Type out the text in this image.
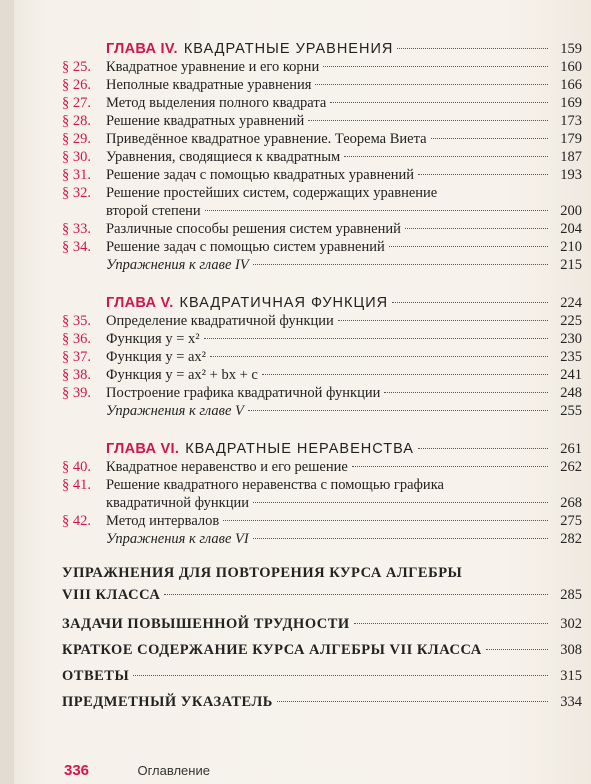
ГЛАВА IV. КВАДРАТНЫЕ УРАВНЕНИЯ	159
§ 25.	Квадратное уравнение и его корни	160
§ 26.	Неполные квадратные уравнения	166
§ 27.	Метод выделения полного квадрата	169
§ 28.	Решение квадратных уравнений	173
§ 29.	Приведённое квадратное уравнение. Теорема Виета	179
§ 30.	Уравнения, сводящиеся к квадратным	187
§ 31.	Решение задач с помощью квадратных уравнений	193
§ 32.	Решение простейших систем, содержащих уравнение
второй степени	200
§ 33.	Различные способы решения систем уравнений	204
§ 34.	Решение задач с помощью систем уравнений	210
Упражнения к главе IV	215
ГЛАВА V. КВАДРАТИЧНАЯ ФУНКЦИЯ	224
§ 35.	Определение квадратичной функции	225
§ 36.	Функция y = x²	230
§ 37.	Функция y = ax²	235
§ 38.	Функция y = ax² + bx + c	241
§ 39.	Построение графика квадратичной функции	248
Упражнения к главе V	255
ГЛАВА VI. КВАДРАТНЫЕ НЕРАВЕНСТВА	261
§ 40.	Квадратное неравенство и его решение	262
§ 41.	Решение квадратного неравенства с помощью графика
квадратичной функции	268
§ 42.	Метод интервалов	275
Упражнения к главе VI	282
УПРАЖНЕНИЯ ДЛЯ ПОВТОРЕНИЯ КУРСА АЛГЕБРЫ
VIII КЛАССА	285
ЗАДАЧИ ПОВЫШЕННОЙ ТРУДНОСТИ	302
КРАТКОЕ СОДЕРЖАНИЕ КУРСА АЛГЕБРЫ VII КЛАССА	308
ОТВЕТЫ	315
ПРЕДМЕТНЫЙ УКАЗАТЕЛЬ	334
336	Оглавление
